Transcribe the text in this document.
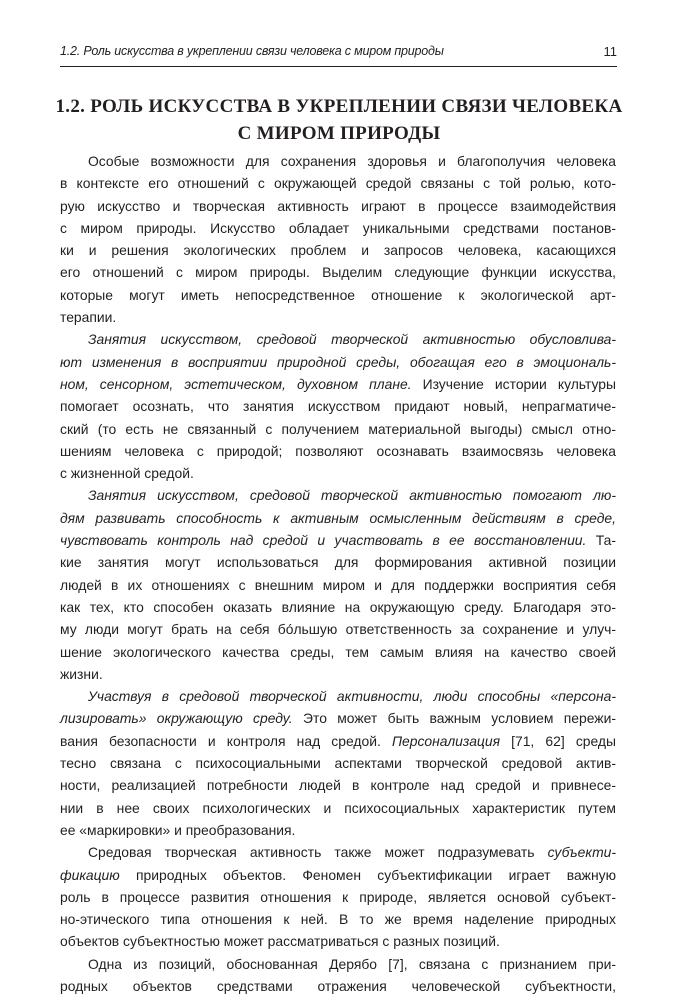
1.2. Роль искусства в укреплении связи человека с миром природы	11
1.2. РОЛЬ ИСКУССТВА В УКРЕПЛЕНИИ СВЯЗИ ЧЕЛОВЕКА
С МИРОМ ПРИРОДЫ

Особые возможности для сохранения здоровья и благополучия человека
в контексте его отношений с окружающей средой связаны с той ролью, кото-
рую искусство и творческая активность играют в процессе взаимодействия
с миром природы. Искусство обладает уникальными средствами постанов-
ки и решения экологических проблем и запросов человека, касающихся
его отношений с миром природы. Выделим следующие функции искусства,
которые могут иметь непосредственное отношение к экологической арт-
терапии.

Занятия искусством, средовой творческой активностью обусловлива-
ют изменения в восприятии природной среды, обогащая его в эмоциональ-
ном, сенсорном, эстетическом, духовном плане. Изучение истории культуры
помогает осознать, что занятия искусством придают новый, непрагматиче-
ский (то есть не связанный с получением материальной выгоды) смысл отно-
шениям человека с природой; позволяют осознавать взаимосвязь человека
с жизненной средой.

Занятия искусством, средовой творческой активностью помогают лю-
дям развивать способность к активным осмысленным действиям в среде,
чувствовать контроль над средой и участвовать в ее восстановлении. Та-
кие занятия могут использоваться для формирования активной позиции
людей в их отношениях с внешним миром и для поддержки восприятия себя
как тех, кто способен оказать влияние на окружающую среду. Благодаря это-
му люди могут брать на себя бо́льшую ответственность за сохранение и улуч-
шение экологического качества среды, тем самым влияя на качество своей
жизни.

Участвуя в средовой творческой активности, люди способны «персона-
лизировать» окружающую среду. Это может быть важным условием пережи-
вания безопасности и контроля над средой. Персонализация [71, 62] среды
тесно связана с психосоциальными аспектами творческой средовой актив-
ности, реализацией потребности людей в контроле над средой и привнесе-
нии в нее своих психологических и психосоциальных характеристик путем
ее «маркировки» и преобразования.

Средовая творческая активность также может подразумевать субъекти-
фикацию природных объектов. Феномен субъектификации играет важную
роль в процессе развития отношения к природе, является основой субъект-
но-этического типа отношения к ней. В то же время наделение природных
объектов субъектностью может рассматриваться с разных позиций.

Одна из позиций, обоснованная Дерябо [7], связана с признанием при-
родных объектов средствами отражения человеческой субъектности,
